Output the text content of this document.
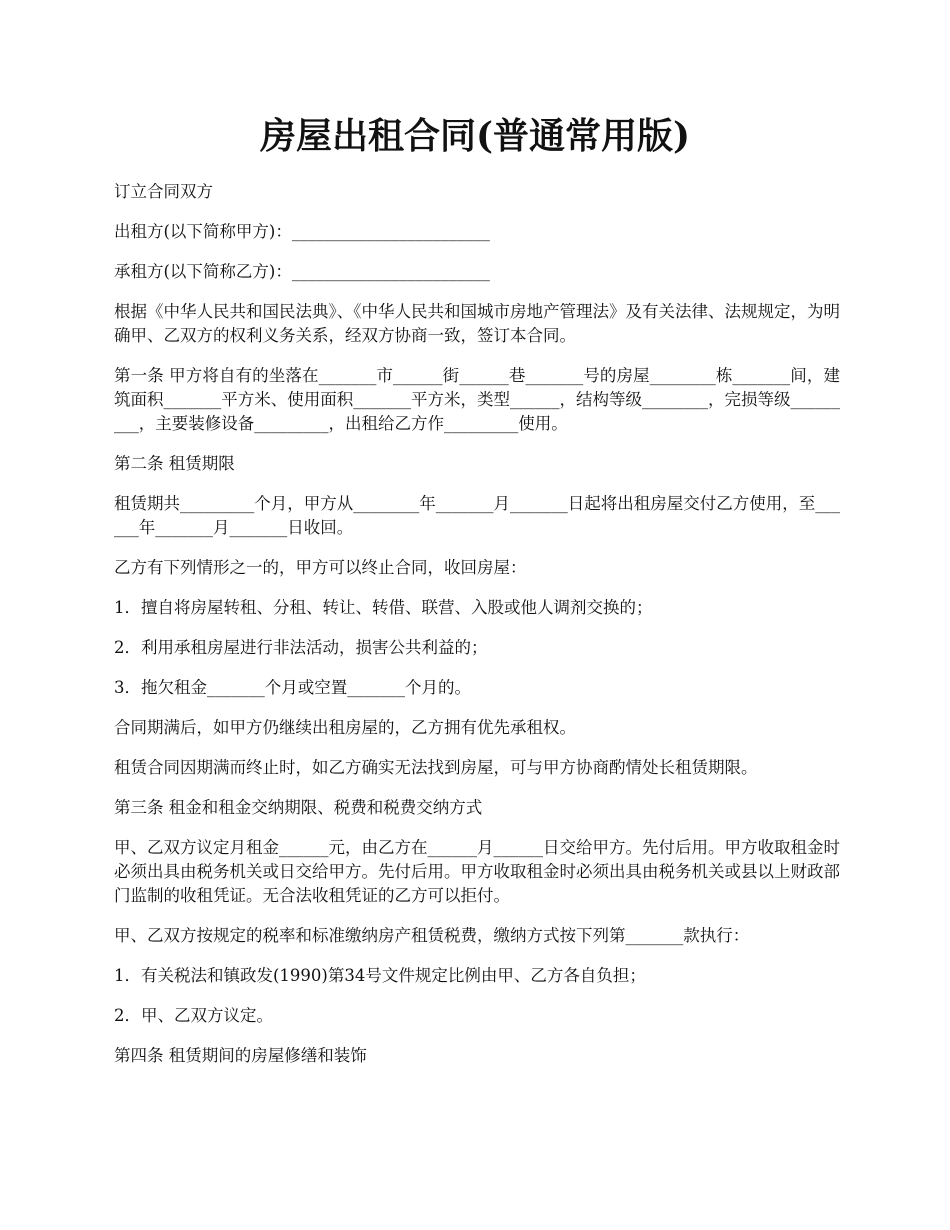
房屋出租合同(普通常用版)

订立合同双方

出租方(以下简称甲方)：________________________

承租方(以下简称乙方)：________________________

根据《中华人民共和国民法典》、《中华人民共和国城市房地产管理法》及有关法律、法规规定，为明确甲、乙双方的权利义务关系，经双方协商一致，签订本合同。

第一条 甲方将自有的坐落在_______市______街______巷_______号的房屋________栋_______间，建筑面积_______平方米、使用面积_______平方米，类型______，结构等级________，完损等级_________，主要装修设备_________，出租给乙方作_________使用。

第二条 租赁期限

租赁期共_________个月，甲方从________年_______月_______日起将出租房屋交付乙方使用，至______年_______月_______日收回。

乙方有下列情形之一的，甲方可以终止合同，收回房屋：

1．擅自将房屋转租、分租、转让、转借、联营、入股或他人调剂交换的；

2．利用承租房屋进行非法活动，损害公共利益的；

3．拖欠租金_______个月或空置_______个月的。

合同期满后，如甲方仍继续出租房屋的，乙方拥有优先承租权。

租赁合同因期满而终止时，如乙方确实无法找到房屋，可与甲方协商酌情处长租赁期限。

第三条 租金和租金交纳期限、税费和税费交纳方式

甲、乙双方议定月租金______元，由乙方在______月______日交给甲方。先付后用。甲方收取租金时必须出具由税务机关或日交给甲方。先付后用。甲方收取租金时必须出具由税务机关或县以上财政部门监制的收租凭证。无合法收租凭证的乙方可以拒付。

甲、乙双方按规定的税率和标准缴纳房产租赁税费，缴纳方式按下列第_______款执行：

1．有关税法和镇政发(1990)第34号文件规定比例由甲、乙方各自负担；

2．甲、乙双方议定。

第四条 租赁期间的房屋修缮和装饰
